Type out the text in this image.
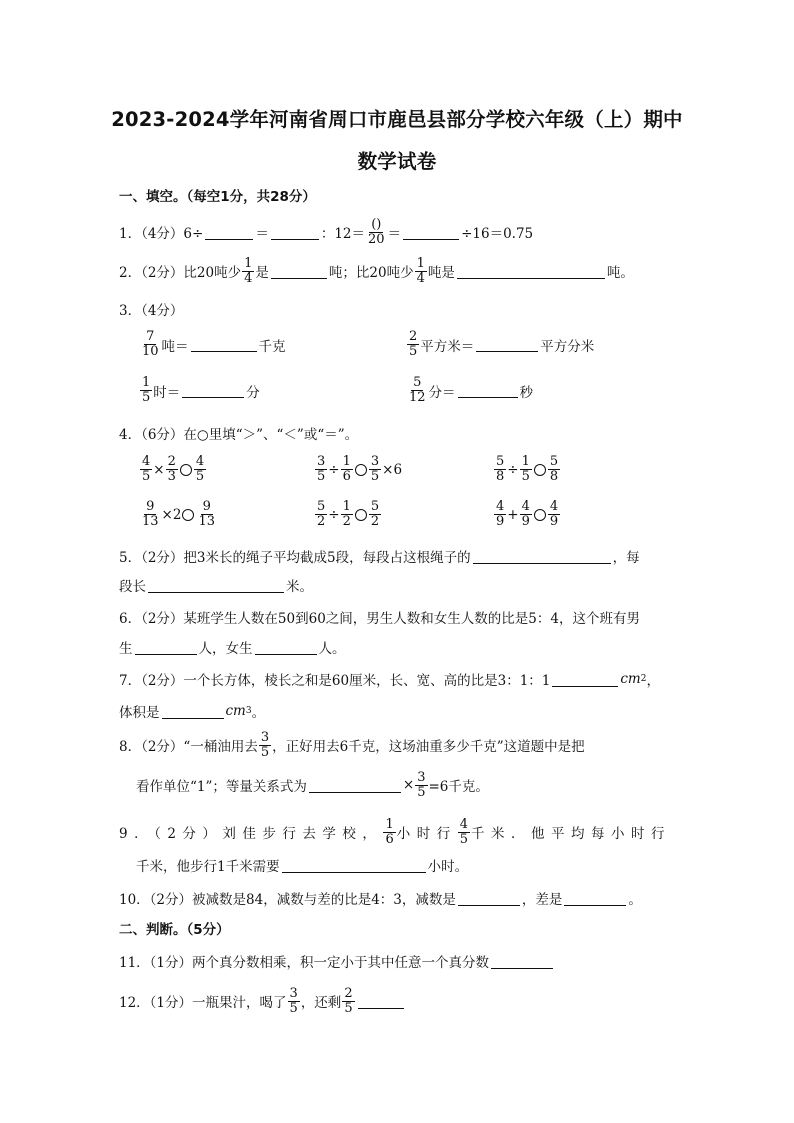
2023-2024学年河南省周口市鹿邑县部分学校六年级（上）期中
数学试卷
一、填空。（每空1分，共28分）
1．（4分）6÷	＝	：$12= \frac{()}{20}$ ＝	÷16＝0.75
2．（2分）比20吨少 $\frac{1}{4}$ 是	吨；比20吨少 $\frac{1}{4}$ 吨是	吨。
3．（4分）
$\frac{7}{10}$ 吨＝	千克	$\frac{2}{5}$ 平方米＝	平方分米
$\frac{1}{5}$ 时＝	分	$\frac{5}{12}$ 分＝	秒
4．（6分）在○里填“＞”、“＜”或“＝”。
$\frac{4}{5} \times \frac{2}{3} \frac{4}{5}$	$\frac{3}{5} \div \frac{1}{6} \frac{3}{5} \times 6$	$\frac{5}{8} \div \frac{1}{5} \frac{5}{8}$
$\frac{9}{13} \times 2 \frac{9}{13}$	$\frac{5}{2} \div \frac{1}{2} \frac{5}{2}$	$\frac{4}{9} + \frac{4}{9} \frac{4}{9}$
5．（2分）把3米长的绳子平均截成5段，每段占这根绳子的	，每
段长	米。
6．（2分）某班学生人数在50到60之间，男生人数和女生人数的比是5：4，这个班有男
生	人，女生	人。
7．（2分）一个长方体，棱长之和是60厘米，长、宽、高的比是3：1：1	cm 2 ，
体积是	cm 3 。
8．（2分）“一桶油用去 $\frac{3}{5}$ ，正好用去6千克，这场油重多少千克”这道题中是把
看作单位“1”；等量关系式为	× $\frac{3}{5} =6$千克。
9．（2分）刘佳步行去学校， $\frac{1}{6}$ 小时行 $\frac{4}{5}$ 千米．他平均每小时行
千米，他步行1千米需要	小时。
10．（2分）被减数是84，减数与差的比是4：3，减数是	，差是	。
二、判断。（5分）
11．（1分）两个真分数相乘，积一定小于其中任意一个真分数
12．（1分）一瓶果汁，喝了 $\frac{3}{5}$ ，还剩 $\frac{2}{5}$
